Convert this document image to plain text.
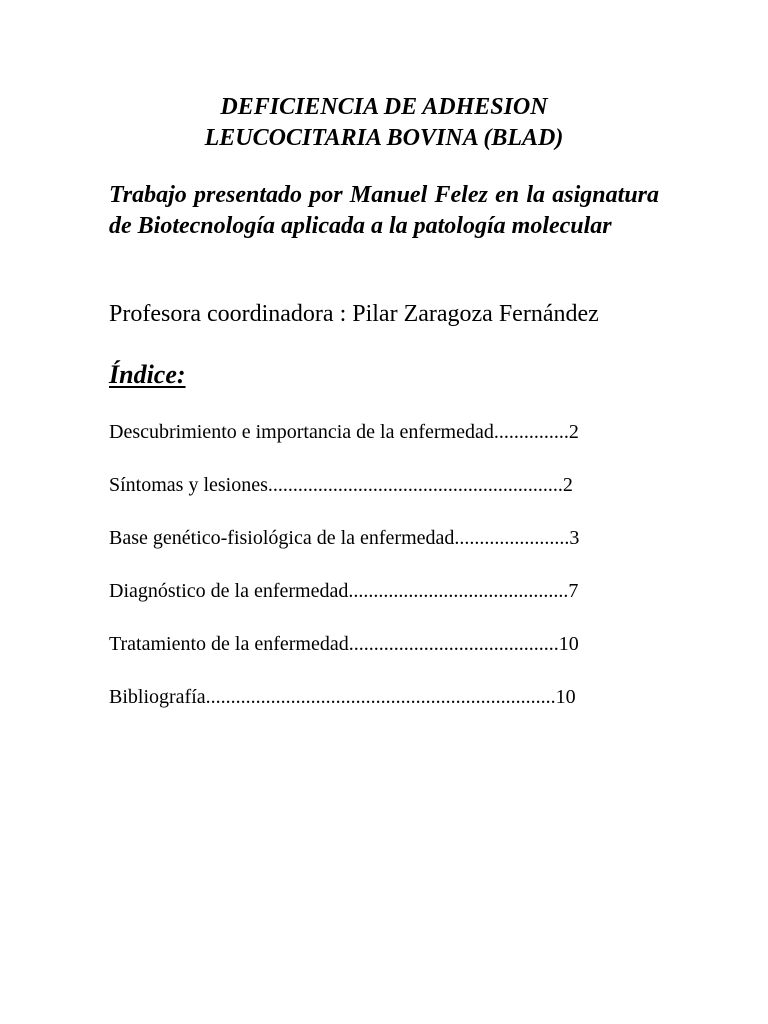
DEFICIENCIA DE ADHESION
LEUCOCITARIA BOVINA (BLAD)

Trabajo presentado por Manuel Felez en la asignatura de Biotecnología aplicada a la patología molecular

Profesora coordinadora : Pilar Zaragoza Fernández

Índice:
Descubrimiento e importancia de la enfermedad...............2
Síntomas y lesiones...........................................................2
Base genético-fisiológica de la enfermedad.......................3
Diagnóstico de la enfermedad............................................7
Tratamiento de la enfermedad..........................................10
Bibliografía......................................................................10
